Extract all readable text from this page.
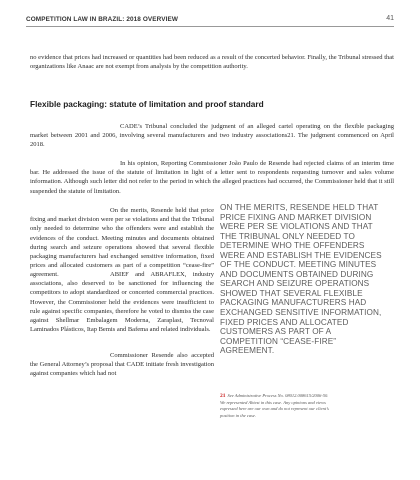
COMPETITION LAW IN BRAZIL: 2018 OVERVIEW	41

no evidence that prices had increased or quantities had been reduced as a result of the concerted behavior. Finally, the Tribunal stressed that organizations like Anaac are not exempt from analysis by the competition authority.

Flexible packaging: statute of limitation and proof standard

CADE’s Tribunal concluded the judgment of an alleged cartel operating on the flexible packaging market between 2001 and 2006, involving several manufacturers and two industry associations21. The judgment commenced on April 2018.

In his opinion, Reporting Commissioner João Paulo de Resende had rejected claims of an interim time bar. He addressed the issue of the statute of limitation in light of a letter sent to respondents requesting turnover and sales volume information. Although such letter did not refer to the period in which the alleged practices had occurred, the Commissioner held that it still suspended the statute of limitation.

On the merits, Resende held that price fixing and market division were per se violations and that the Tribunal only needed to determine who the offenders were and establish the evidences of the conduct. Meeting minutes and documents obtained during search and seizure operations showed that several flexible packaging manufacturers had exchanged sensitive information, fixed prices and allocated customers as part of a competition “cease-fire” agreement.	ABIEF and ABRAFLEX, industry associations, also deserved to be sanctioned for influencing the competitors to adopt standardized or concerted commercial practices. However, the Commissioner held the evidences were insufficient to rule against specific companies, therefore he voted to dismiss the case against Shellmar Embalagem Moderna, Zaraplast, Tecnoval Laminados Plásticos, Itap Bemis and Bafema and related individuals.

Commissioner Resende also accepted the General Attorney’s proposal that CADE initiate fresh investigation against companies which had not

ON THE MERITS, RESENDE HELD THAT PRICE FIXING AND MARKET DIVISION WERE PER SE VIOLATIONS AND THAT THE TRIBUNAL ONLY NEEDED TO DETERMINE WHO THE OFFENDERS WERE AND ESTABLISH THE EVIDENCES OF THE CONDUCT. MEETING MINUTES AND DOCUMENTS OBTAINED DURING SEARCH AND SEIZURE OPERATIONS SHOWED THAT SEVERAL FLEXIBLE PACKAGING MANUFACTURERS HAD EXCHANGED SENSITIVE INFORMATION, FIXED PRICES AND ALLOCATED CUSTOMERS AS PART OF A COMPETITION “CEASE-FIRE” AGREEMENT.

21 See Administrative Process No. 08012.008615/2006-50. We represented Abiest in this case. Any opinions and views expressed here are our own and do not represent our client’s position in the case.
